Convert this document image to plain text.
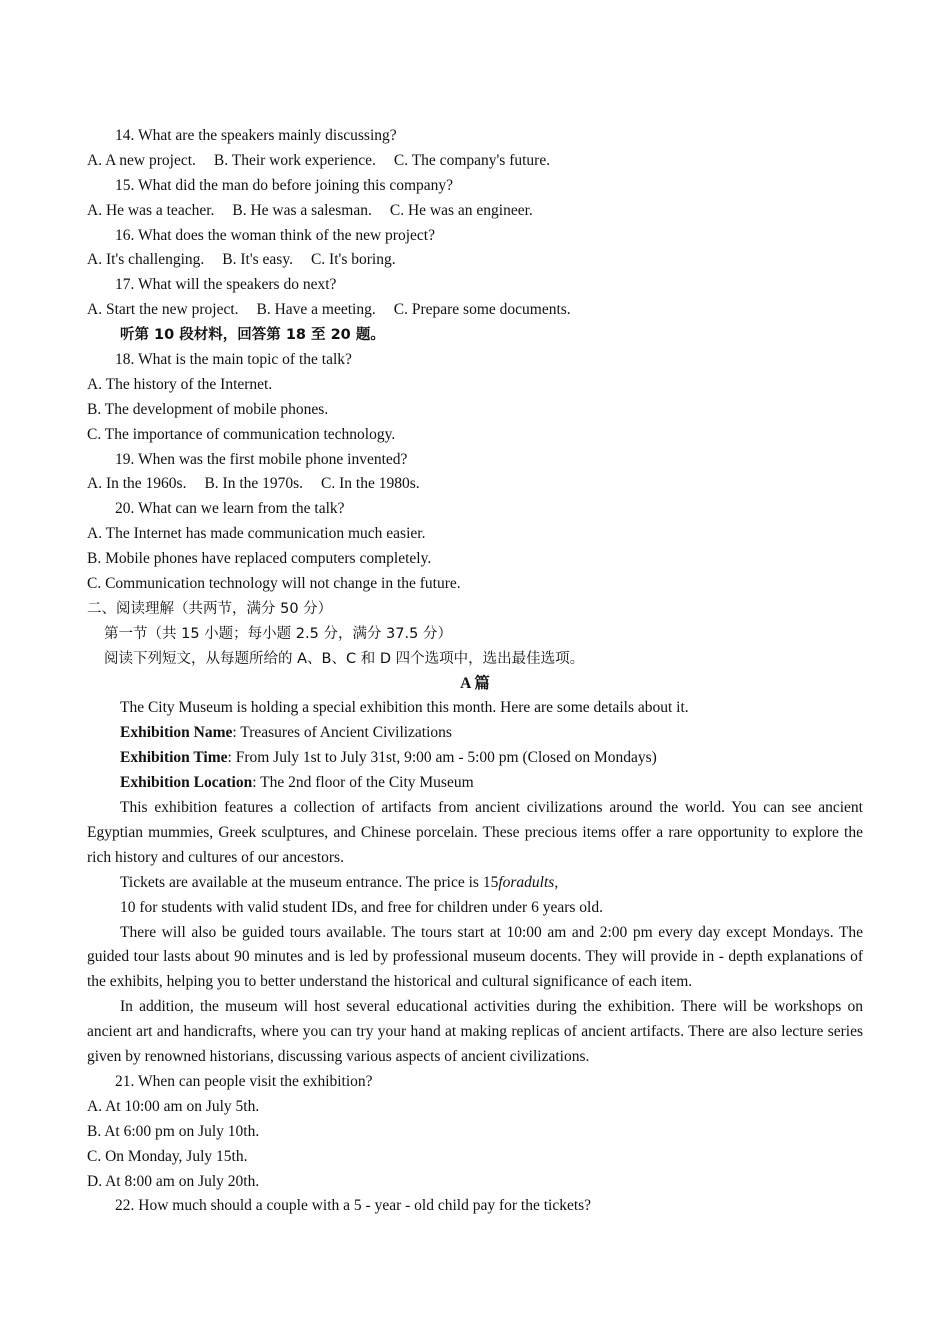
14. What are the speakers mainly discussing?
A. A new project. B. Their work experience. C. The company's future.
15. What did the man do before joining this company?
A. He was a teacher. B. He was a salesman. C. He was an engineer.
16. What does the woman think of the new project?
A. It's challenging. B. It's easy. C. It's boring.
17. What will the speakers do next?
A. Start the new project. B. Have a meeting. C. Prepare some documents.
听第 10 段材料，回答第 18 至 20 题。
18. What is the main topic of the talk?
A. The history of the Internet.
B. The development of mobile phones.
C. The importance of communication technology.
19. When was the first mobile phone invented?
A. In the 1960s. B. In the 1970s. C. In the 1980s.
20. What can we learn from the talk?
A. The Internet has made communication much easier.
B. Mobile phones have replaced computers completely.
C. Communication technology will not change in the future.
二、阅读理解（共两节，满分 50 分）
第一节（共 15 小题；每小题 2.5 分，满分 37.5 分）
阅读下列短文，从每题所给的 A、B、C 和 D 四个选项中，选出最佳选项。
A 篇
The City Museum is holding a special exhibition this month. Here are some details about it.
Exhibition Name: Treasures of Ancient Civilizations
Exhibition Time: From July 1st to July 31st, 9:00 am - 5:00 pm (Closed on Mondays)
Exhibition Location: The 2nd floor of the City Museum
This exhibition features a collection of artifacts from ancient civilizations around the world. You can see ancient Egyptian mummies, Greek sculptures, and Chinese porcelain. These precious items offer a rare opportunity to explore the rich history and cultures of our ancestors.
Tickets are available at the museum entrance. The price is 15foradults,
10 for students with valid student IDs, and free for children under 6 years old.
There will also be guided tours available. The tours start at 10:00 am and 2:00 pm every day except Mondays. The guided tour lasts about 90 minutes and is led by professional museum docents. They will provide in - depth explanations of the exhibits, helping you to better understand the historical and cultural significance of each item.
In addition, the museum will host several educational activities during the exhibition. There will be workshops on ancient art and handicrafts, where you can try your hand at making replicas of ancient artifacts. There are also lecture series given by renowned historians, discussing various aspects of ancient civilizations.
21. When can people visit the exhibition?
A. At 10:00 am on July 5th.
B. At 6:00 pm on July 10th.
C. On Monday, July 15th.
D. At 8:00 am on July 20th.
22. How much should a couple with a 5 - year - old child pay for the tickets?
